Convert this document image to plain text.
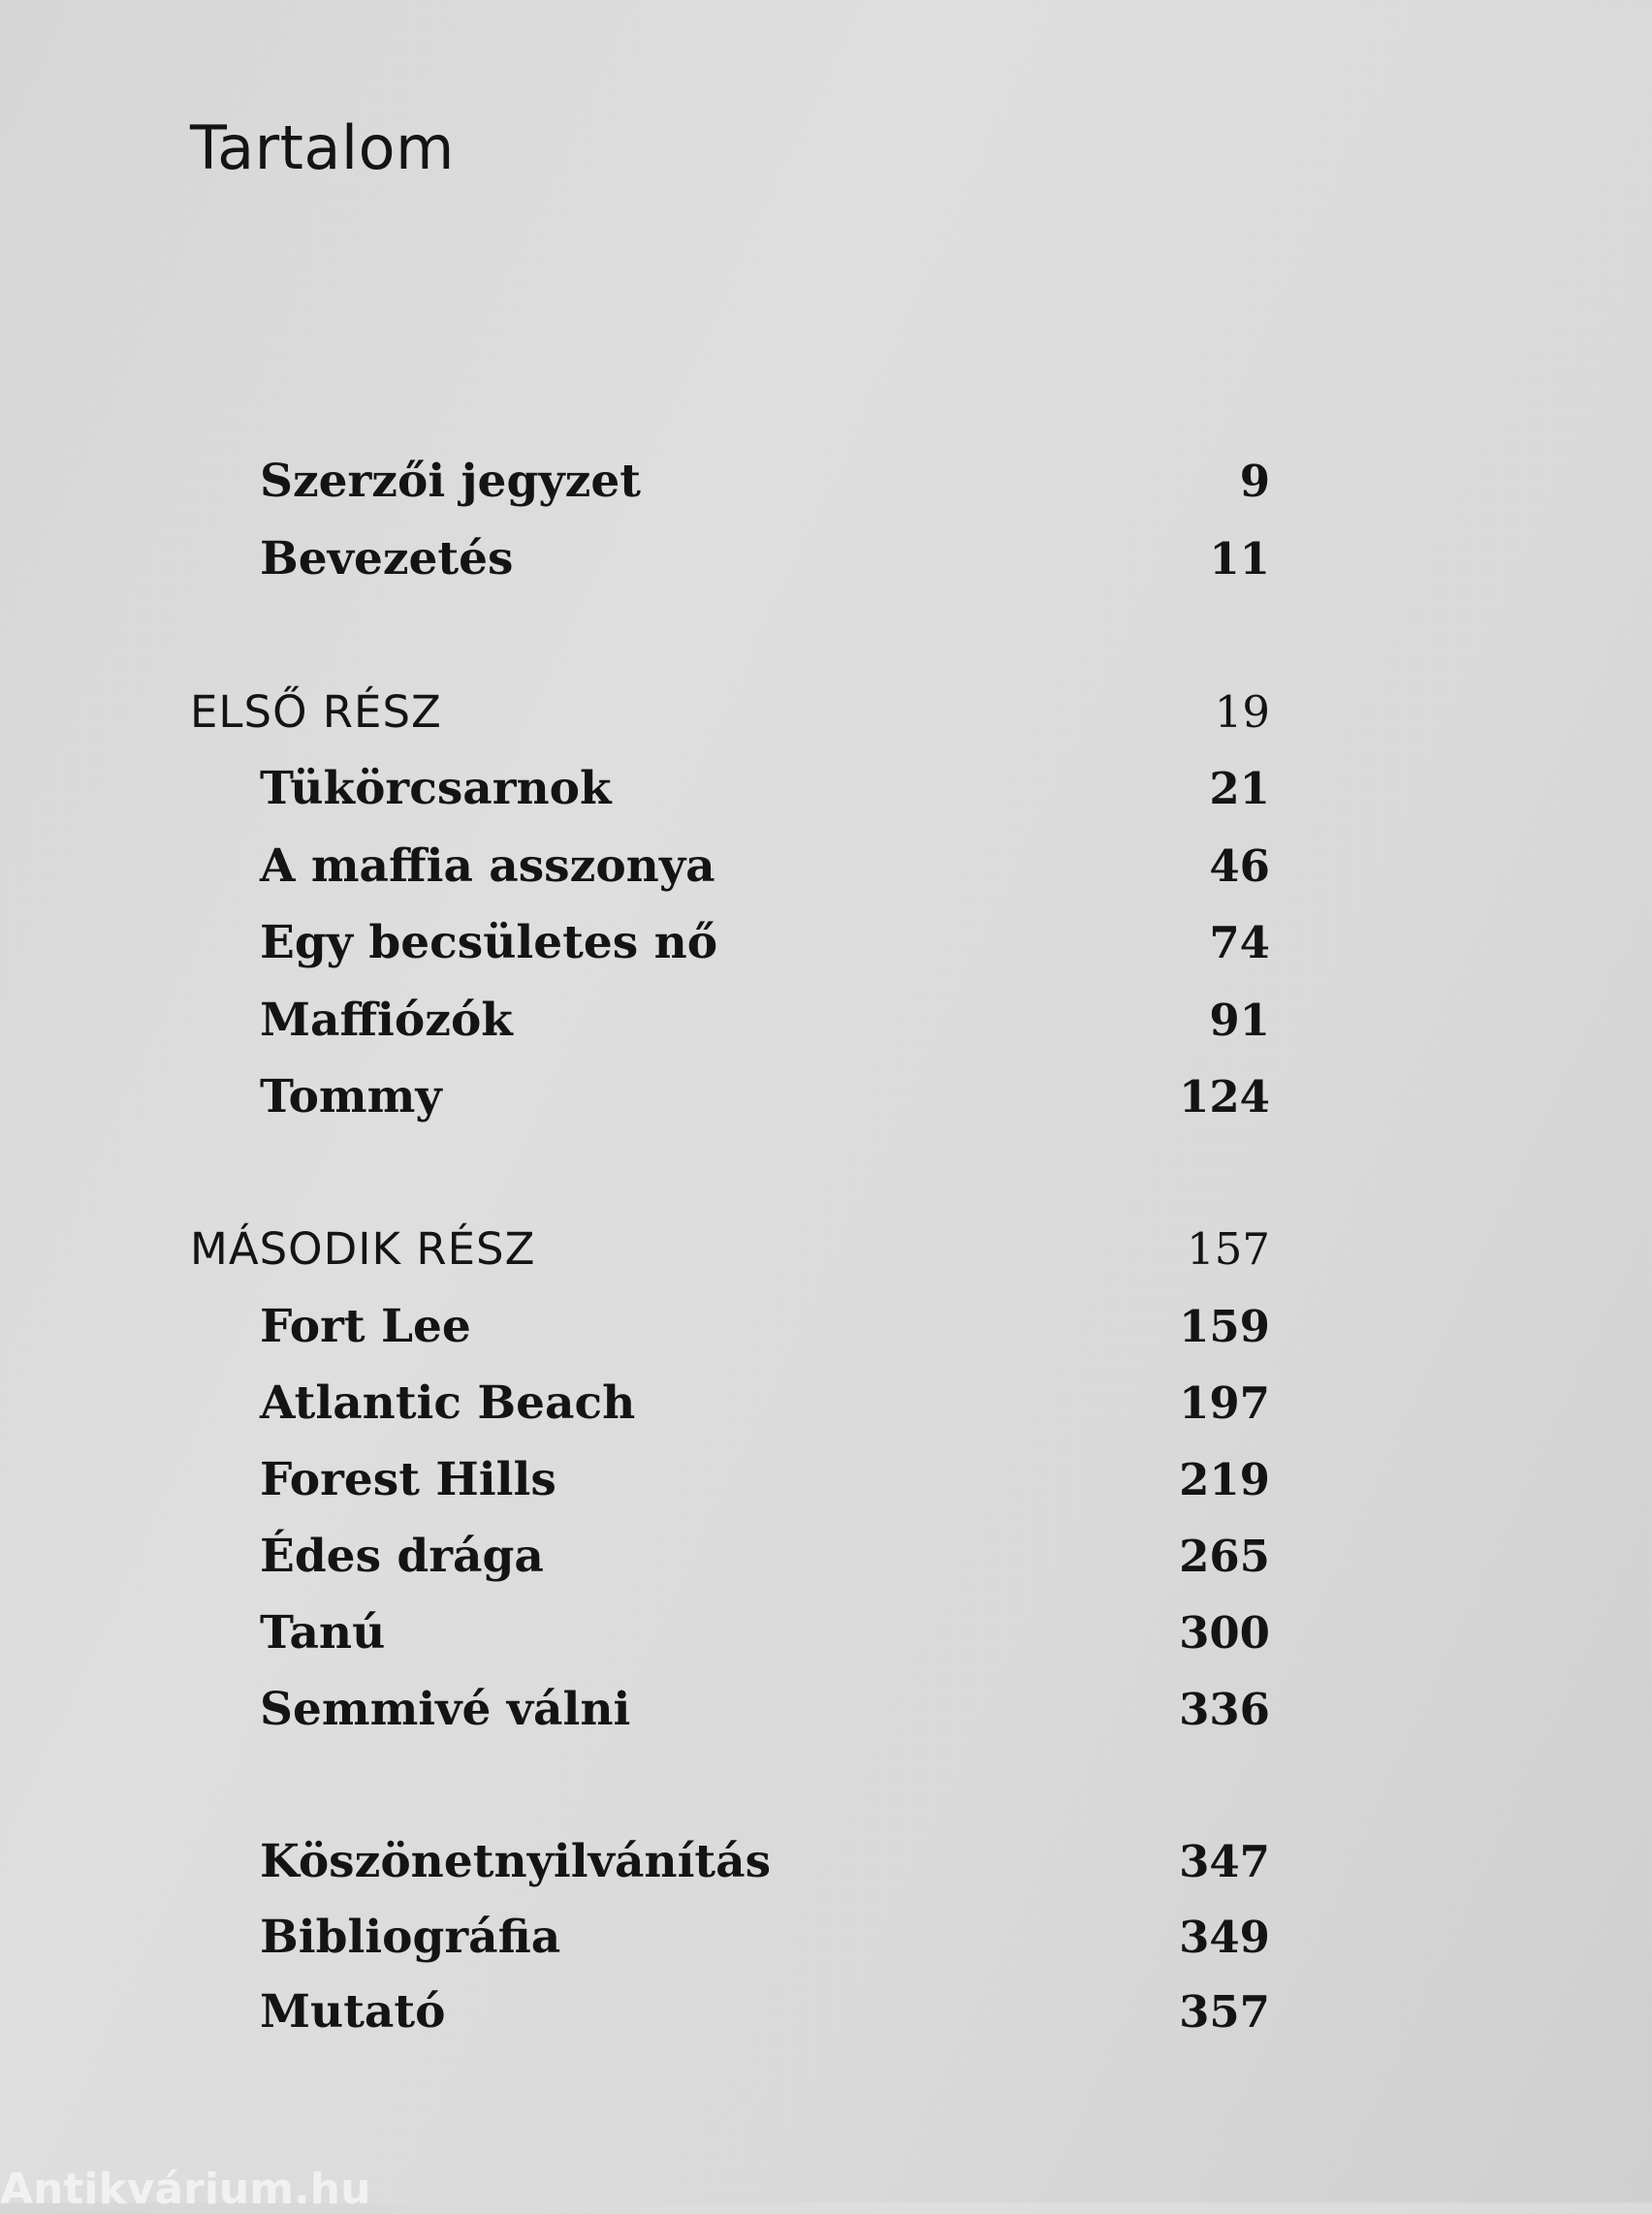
Tartalom
Szerzői jegyzet	9
Bevezetés	11
ELSŐ RÉSZ	19
Tükörcsarnok	21
A maffia asszonya	46
Egy becsületes nő	74
Maffiózók	91
Tommy	124
MÁSODIK RÉSZ	157
Fort Lee	159
Atlantic Beach	197
Forest Hills	219
Édes drága	265
Tanú	300
Semmivé válni	336
Köszönetnyilvánítás	347
Bibliográfia	349
Mutató	357
Antikvárium.hu
